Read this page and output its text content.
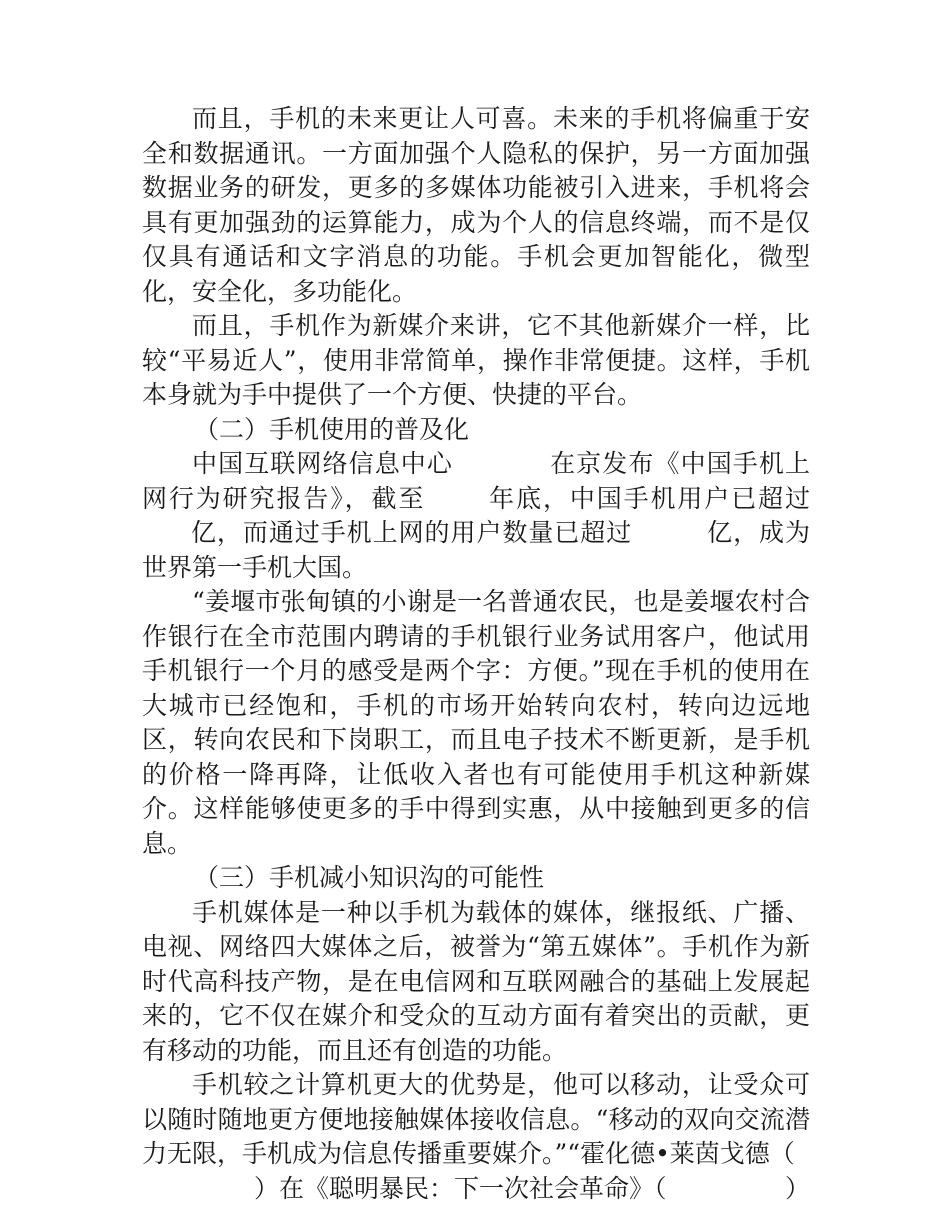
而且，手机的未来更让人可喜。未来的手机将偏重于安全和数据通讯。一方面加强个人隐私的保护，另一方面加强数据业务的研发，更多的多媒体功能被引入进来，手机将会具有更加强劲的运算能力，成为个人的信息终端，而不是仅仅具有通话和文字消息的功能。手机会更加智能化，微型化，安全化，多功能化。

而且，手机作为新媒介来讲，它不其他新媒介一样，比较“平易近人”，使用非常简单，操作非常便捷。这样，手机本身就为手中提供了一个方便、快捷的平台。

（二）手机使用的普及化

中国互联网络信息中心	在京发布《中国手机上网行为研究报告》，截至 年底，中国手机用户已超过亿，而通过手机上网的用户数量已超过	亿，成为世界第一手机大国。

“姜堰市张甸镇的小谢是一名普通农民，也是姜堰农村合作银行在全市范围内聘请的手机银行业务试用客户，他试用手机银行一个月的感受是两个字：方便。”现在手机的使用在大城市已经饱和，手机的市场开始转向农村，转向边远地区，转向农民和下岗职工，而且电子技术不断更新，是手机的价格一降再降，让低收入者也有可能使用手机这种新媒介。这样能够使更多的手中得到实惠，从中接触到更多的信息。

（三）手机减小知识沟的可能性

手机媒体是一种以手机为载体的媒体，继报纸、广播、电视、网络四大媒体之后，被誉为“第五媒体”。手机作为新时代高科技产物，是在电信网和互联网融合的基础上发展起来的，它不仅在媒介和受众的互动方面有着突出的贡献，更有移动的功能，而且还有创造的功能。

手机较之计算机更大的优势是，他可以移动，让受众可以随时随地更方便地接触媒体接收信息。“移动的双向交流潜力无限，手机成为信息传播重要媒介。”“霍化德•莱茵戈德（

）在《聪明暴民：下一次社会革命》（	）
